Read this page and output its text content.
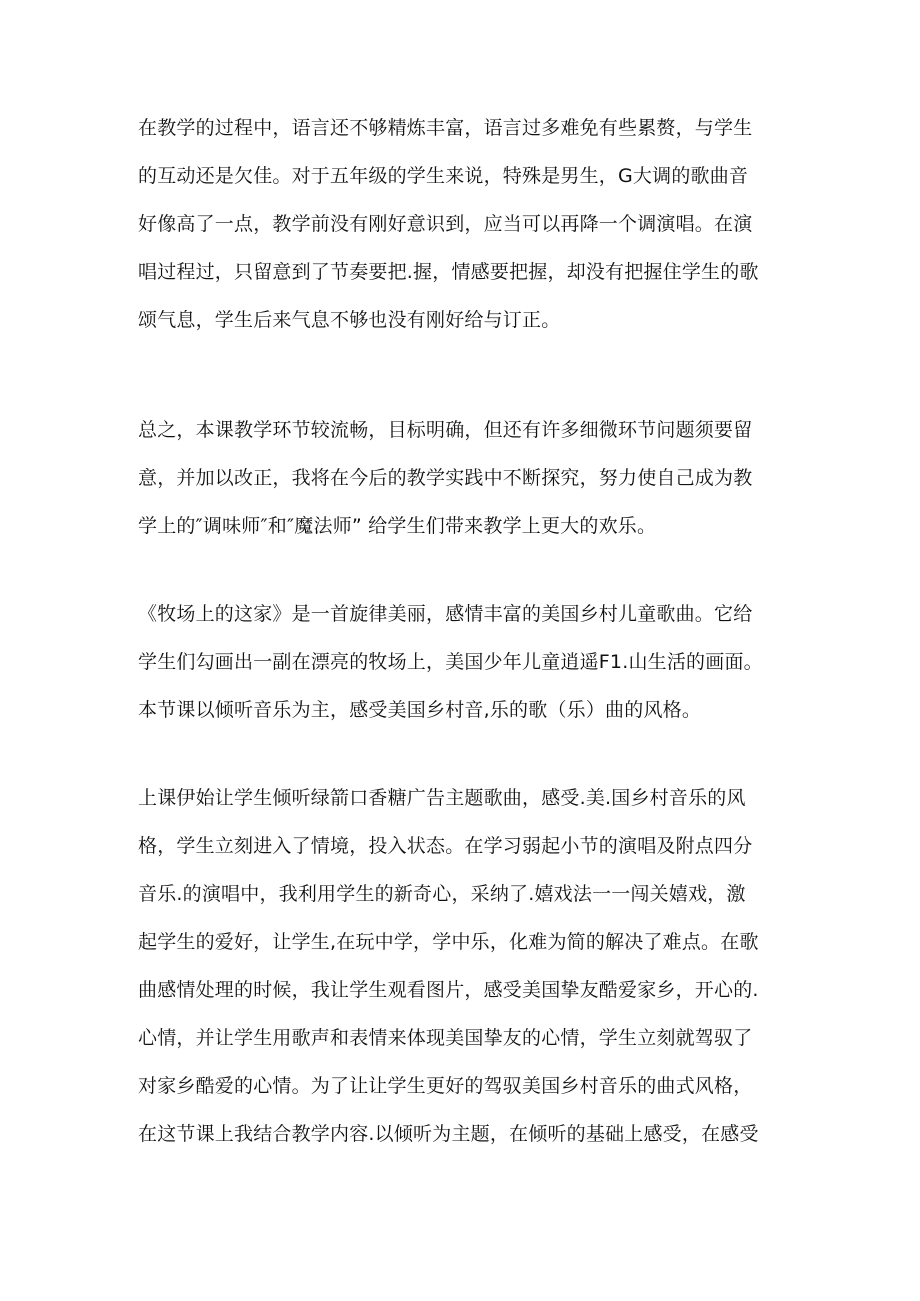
在教学的过程中，语言还不够精炼丰富，语言过多难免有些累赘，与学生
的互动还是欠佳。对于五年级的学生来说，特殊是男生，G大调的歌曲音
好像高了一点，教学前没有刚好意识到，应当可以再降一个调演唱。在演
唱过程过，只留意到了节奏要把.握，情感要把握，却没有把握住学生的歌
颂气息，学生后来气息不够也没有刚好给与订正。
总之，本课教学环节较流畅，目标明确，但还有许多细微环节问题须要留
意，并加以改正，我将在今后的教学实践中不断探究，努力使自己成为教
学上的″调味师″和″魔法师” 给学生们带来教学上更大的欢乐。
《牧场上的这家》是一首旋律美丽，感情丰富的美国乡村儿童歌曲。它给
学生们勾画出一副在漂亮的牧场上，美国少年儿童逍遥F1.山生活的画面。
本节课以倾听音乐为主，感受美国乡村音,乐的歌（乐）曲的风格。
上课伊始让学生倾听绿箭口香糖广告主题歌曲，感受.美.国乡村音乐的风
格，学生立刻进入了情境，投入状态。在学习弱起小节的演唱及附点四分
音乐.的演唱中，我利用学生的新奇心，采纳了.嬉戏法一一闯关嬉戏，激
起学生的爱好，让学生,在玩中学，学中乐，化难为简的解决了难点。在歌
曲感情处理的时候，我让学生观看图片，感受美国挚友酷爱家乡，开心的.
心情，并让学生用歌声和表情来体现美国挚友的心情，学生立刻就驾驭了
对家乡酷爱的心情。为了让让学生更好的驾驭美国乡村音乐的曲式风格，
在这节课上我结合教学内容.以倾听为主题，在倾听的基础上感受，在感受
